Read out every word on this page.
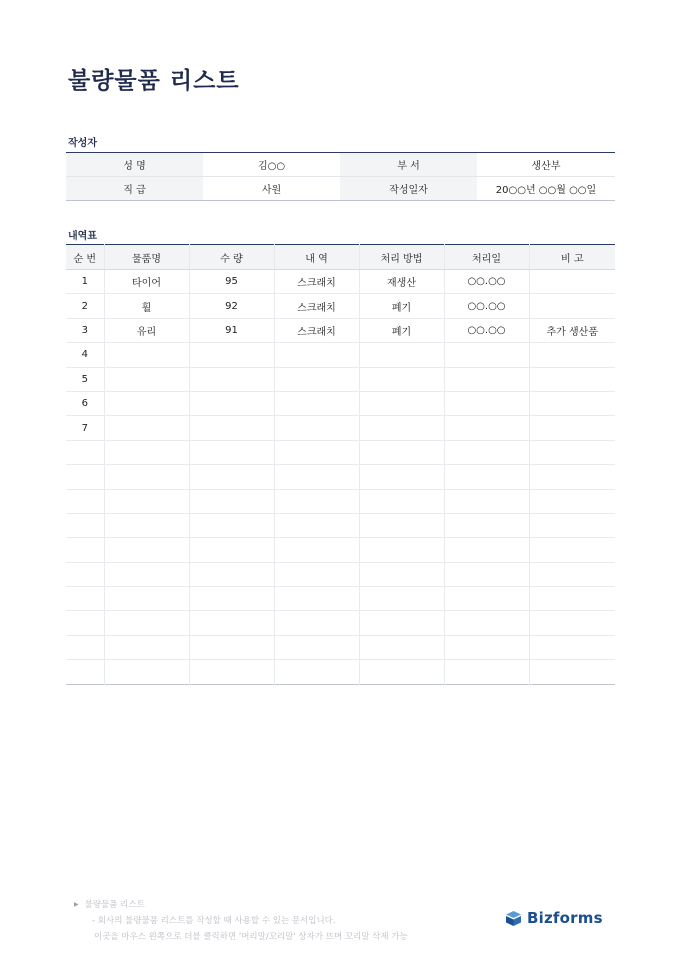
불량물품 리스트
작성자
성 명	김○○	부 서	생산부
직 급	사원	작성일자	20○○년 ○○월 ○○일
내역표
순 번	물품명	수 량	내 역	처리 방법	처리일	비 고
1	타이어	95	스크래치	재생산	○○.○○	
2	휠	92	스크래치	폐기	○○.○○	
3	유리	91	스크래치	폐기	○○.○○	추가 생산품
4						
5						
6						
7						

▶ 불량물품 리스트
- 회사의 불량물품 리스트를 작성할 때 사용할 수 있는 문서입니다.
이곳을 마우스 왼쪽으로 더블 클릭하면 '머리말/꼬리말' 상자가 뜨며 꼬리말 삭제 가능
Bizforms
